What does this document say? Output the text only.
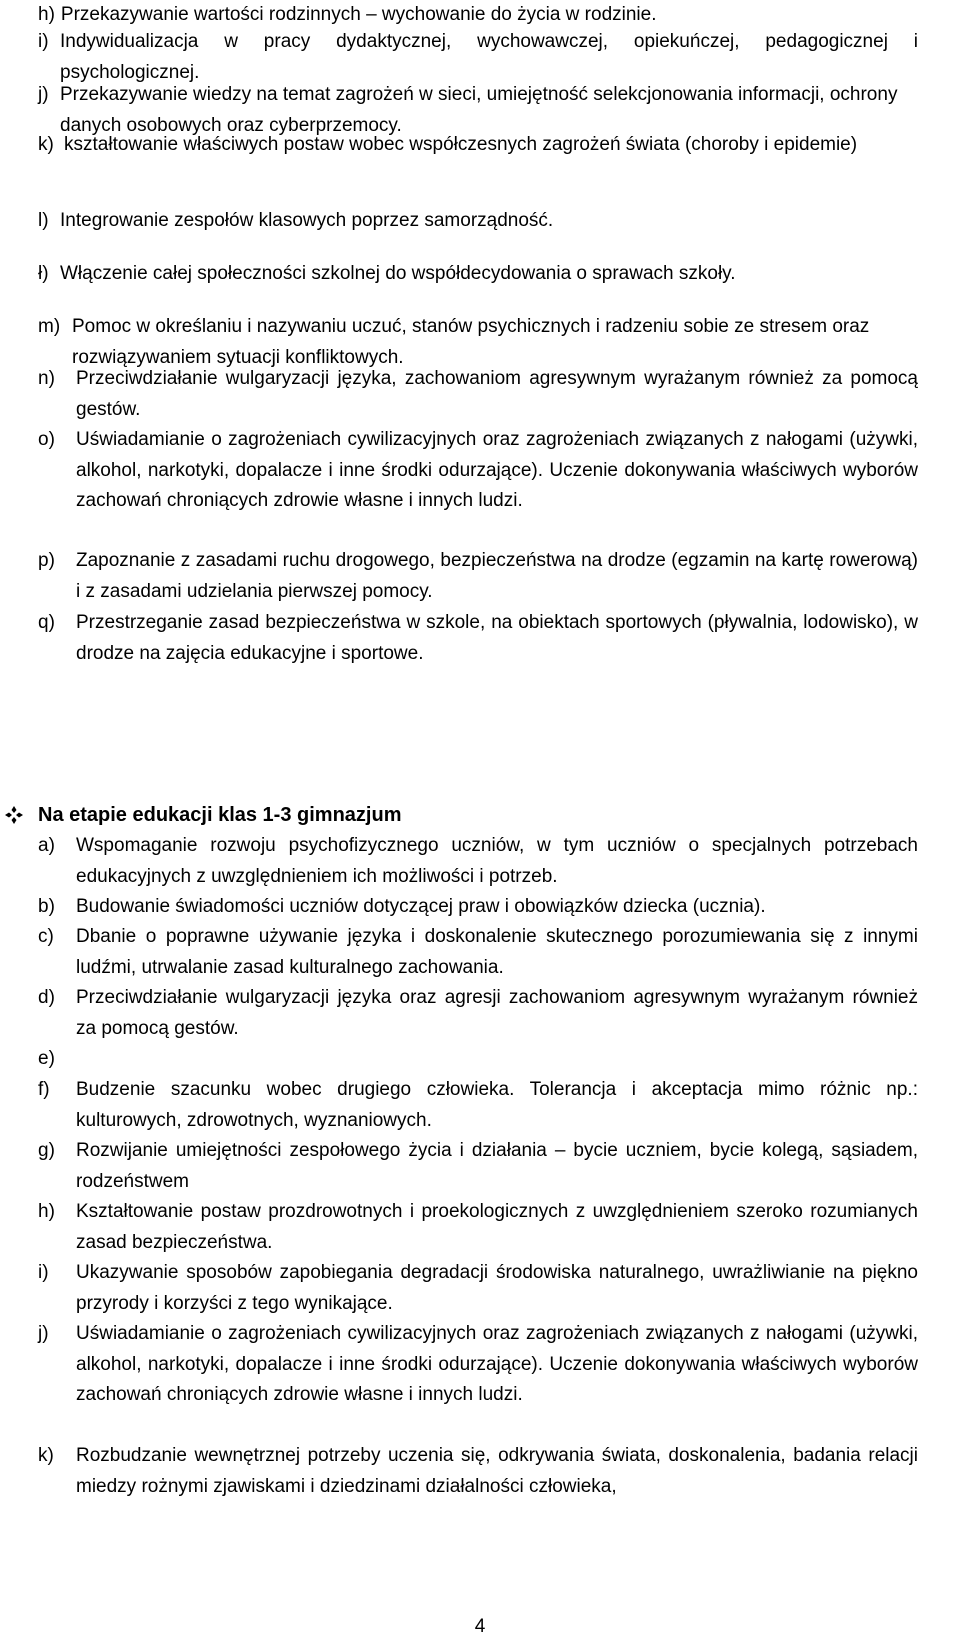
h) Przekazywanie wartości rodzinnych – wychowanie do życia w rodzinie.
i) Indywidualizacja w pracy dydaktycznej, wychowawczej, opiekuńczej, pedagogicznej i psychologicznej.
j) Przekazywanie wiedzy na temat zagrożeń w sieci, umiejętność selekcjonowania informacji, ochrony danych osobowych oraz cyberprzemocy.
k) kształtowanie właściwych postaw wobec współczesnych zagrożeń świata (choroby i epidemie)
l) Integrowanie zespołów klasowych poprzez samorządność.
ł) Włączenie całej społeczności szkolnej do współdecydowania o sprawach szkoły.
m) Pomoc w określaniu i nazywaniu uczuć, stanów psychicznych i radzeniu sobie ze stresem oraz rozwiązywaniem sytuacji konfliktowych.
n)	Przeciwdziałanie wulgaryzacji języka, zachowaniom agresywnym wyrażanym również za pomocą gestów.
o)	Uświadamianie o zagrożeniach cywilizacyjnych oraz zagrożeniach związanych z nałogami (używki, alkohol, narkotyki, dopalacze i inne środki odurzające). Uczenie dokonywania właściwych wyborów zachowań chroniących zdrowie własne i innych ludzi.
p)	Zapoznanie z zasadami ruchu drogowego, bezpieczeństwa na drodze (egzamin na kartę rowerową) i z zasadami udzielania pierwszej pomocy.
q)	Przestrzeganie zasad bezpieczeństwa w szkole, na obiektach sportowych (pływalnia, lodowisko), w drodze na zajęcia edukacyjne i sportowe.
Na etapie edukacji klas 1-3 gimnazjum
a)	Wspomaganie rozwoju psychofizycznego uczniów, w tym uczniów o specjalnych potrzebach edukacyjnych z uwzględnieniem ich możliwości i potrzeb.
b)	Budowanie świadomości uczniów dotyczącej praw i obowiązków dziecka (ucznia).
c)	Dbanie o poprawne używanie języka i doskonalenie skutecznego porozumiewania się z innymi ludźmi, utrwalanie zasad kulturalnego zachowania.
d)	Przeciwdziałanie wulgaryzacji języka oraz agresji zachowaniom agresywnym wyrażanym również za pomocą gestów.
e)
f)	Budzenie szacunku wobec drugiego człowieka. Tolerancja i akceptacja mimo różnic np.: kulturowych, zdrowotnych, wyznaniowych.
g)	Rozwijanie umiejętności zespołowego życia i działania – bycie uczniem, bycie kolegą, sąsiadem, rodzeństwem
h)	Kształtowanie postaw prozdrowotnych i proekologicznych z uwzględnieniem szeroko rozumianych zasad bezpieczeństwa.
i)	Ukazywanie sposobów zapobiegania degradacji środowiska naturalnego, uwrażliwianie na piękno przyrody i korzyści z tego wynikające.
j)	Uświadamianie o zagrożeniach cywilizacyjnych oraz zagrożeniach związanych z nałogami (używki, alkohol, narkotyki, dopalacze i inne środki odurzające). Uczenie dokonywania właściwych wyborów zachowań chroniących zdrowie własne i innych ludzi.
k)	Rozbudzanie wewnętrznej potrzeby uczenia się, odkrywania świata, doskonalenia, badania relacji miedzy rożnymi zjawiskami i dziedzinami działalności człowieka,
4
